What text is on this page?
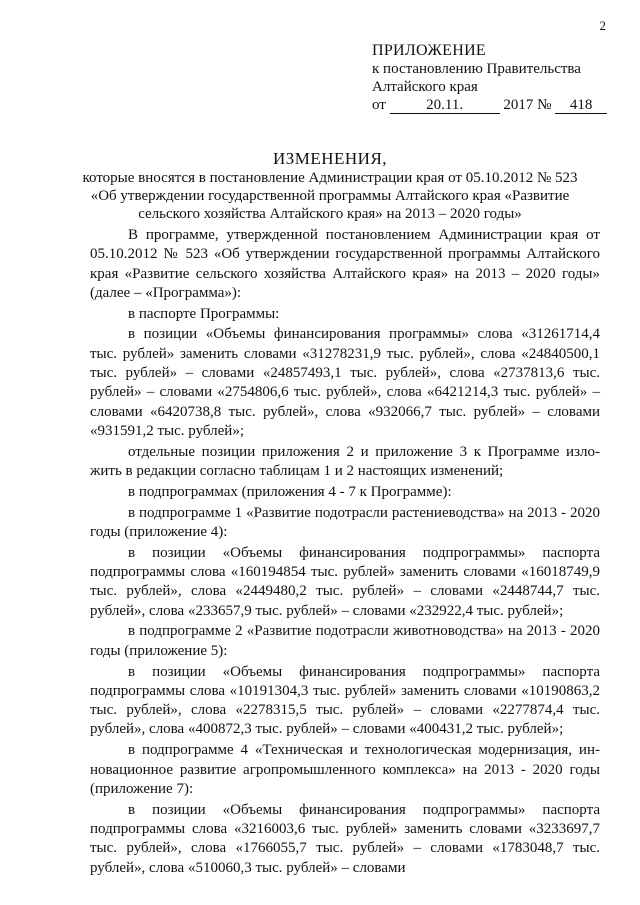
2
ПРИЛОЖЕНИЕ
к постановлению Правительства
Алтайского края
от	20.11.	2017 № 418
ИЗМЕНЕНИЯ,
которые вносятся в постановление Администрации края от 05.10.2012 № 523
«Об утверждении государственной программы Алтайского края «Развитие
сельского хозяйства Алтайского края» на 2013 – 2020 годы»

В программе, утвержденной постановлением Администрации края от 05.10.2012 № 523 «Об утверждении государственной программы Алтайского края «Развитие сельского хозяйства Алтайского края» на 2013 – 2020 годы» (далее – «Программа»):

в паспорте Программы:

в позиции «Объемы финансирования программы» слова «31261714,4 тыс. рублей» заменить словами «31278231,9 тыс. рублей», слова «24840500,1 тыс. рублей» – словами «24857493,1 тыс. рублей», слова «2737813,6 тыс. рублей» – словами «2754806,6 тыс. рублей», слова «6421214,3 тыс. рублей» – словами «6420738,8 тыс. рублей», слова «932066,7 тыс. рублей» – словами «931591,2 тыс. рублей»;

отдельные позиции приложения 2 и приложение 3 к Программе изложить в редакции согласно таблицам 1 и 2 настоящих изменений;

в подпрограммах (приложения 4 - 7 к Программе):

в подпрограмме 1 «Развитие подотрасли растениеводства» на 2013 - 2020 годы (приложение 4):

в позиции «Объемы финансирования подпрограммы» паспорта подпрограммы слова «160194854 тыс. рублей» заменить словами «16018749,9 тыс. рублей», слова «2449480,2 тыс. рублей» – словами «2448744,7 тыс. рублей», слова «233657,9 тыс. рублей» – словами «232922,4 тыс. рублей»;

в подпрограмме 2 «Развитие подотрасли животноводства» на 2013 - 2020 годы (приложение 5):

в позиции «Объемы финансирования подпрограммы» паспорта подпрограммы слова «10191304,3 тыс. рублей» заменить словами «10190863,2 тыс. рублей», слова «2278315,5 тыс. рублей» – словами «2277874,4 тыс. рублей», слова «400872,3 тыс. рублей» – словами «400431,2 тыс. рублей»;

в подпрограмме 4 «Техническая и технологическая модернизация, инновационное развитие агропромышленного комплекса» на 2013 - 2020 годы (приложение 7):

в позиции «Объемы финансирования подпрограммы» паспорта подпрограммы слова «3216003,6 тыс. рублей» заменить словами «3233697,7 тыс. рублей», слова «1766055,7 тыс. рублей» – словами «1783048,7 тыс. рублей», слова «510060,3 тыс. рублей» – словами
